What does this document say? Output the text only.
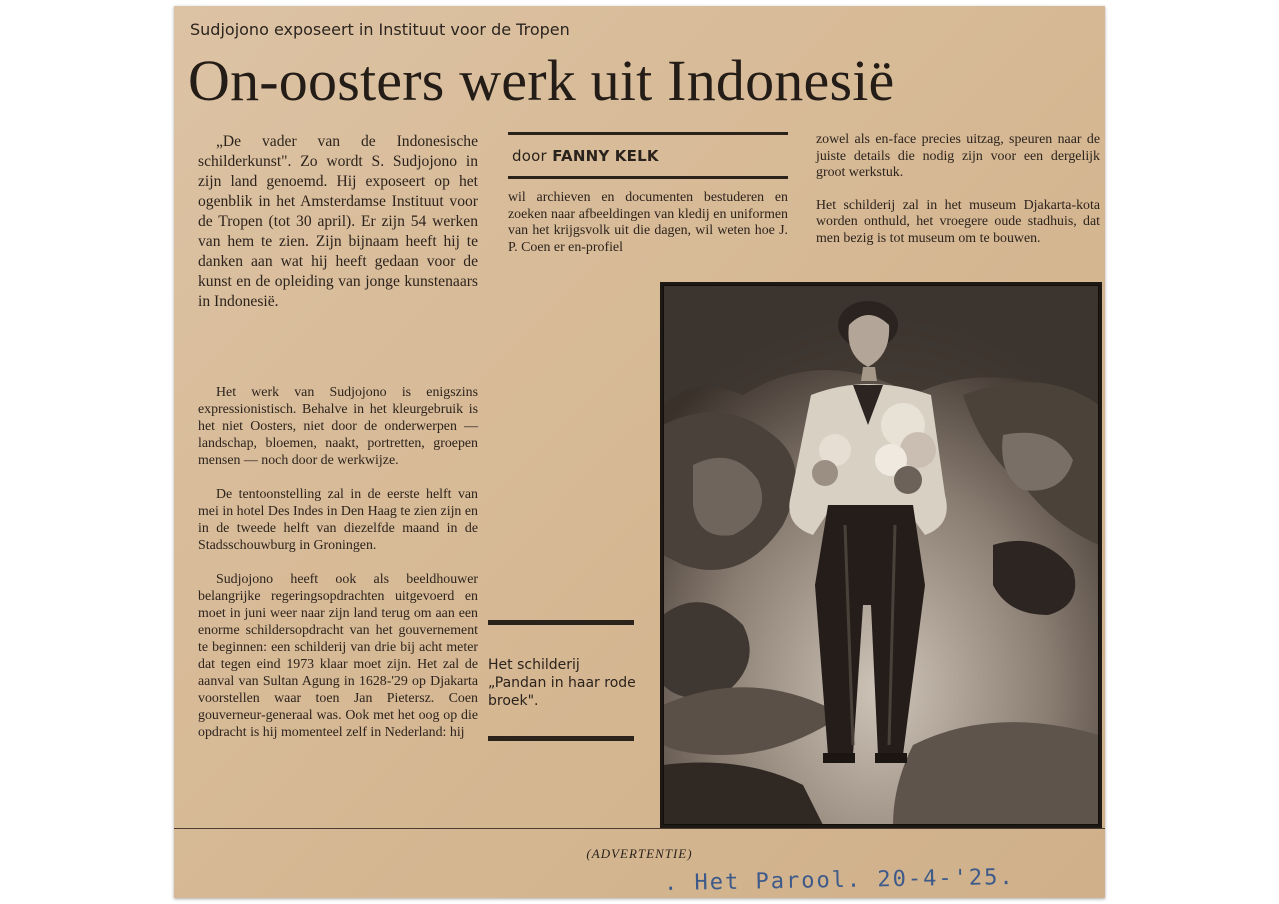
Sudjojono exposeert in Instituut voor de Tropen
On-oosters werk uit Indonesië

„De vader van de Indonesische schilderkunst". Zo wordt S. Sudjojono in zijn land genoemd. Hij exposeert op het ogenblik in het Amsterdamse Instituut voor de Tropen (tot 30 april). Er zijn 54 werken van hem te zien. Zijn bijnaam heeft hij te danken aan wat hij heeft gedaan voor de kunst en de opleiding van jonge kunstenaars in Indonesië.

Het werk van Sudjojono is enigszins expressionistisch. Behalve in het kleurgebruik is het niet Oosters, niet door de onderwerpen — landschap, bloemen, naakt, portretten, groepen mensen — noch door de werkwijze.

De tentoonstelling zal in de eerste helft van mei in hotel Des Indes in Den Haag te zien zijn en in de tweede helft van diezelfde maand in de Stadsschouwburg in Groningen.

Sudjojono heeft ook als beeldhouwer belangrijke regeringsopdrachten uitgevoerd en moet in juni weer naar zijn land terug om aan een enorme schildersopdracht van het gouvernement te beginnen: een schilderij van drie bij acht meter dat tegen eind 1973 klaar moet zijn. Het zal de aanval van Sultan Agung in 1628-'29 op Djakarta voorstellen waar toen Jan Pietersz. Coen gouverneur-generaal was. Ook met het oog op die opdracht is hij momenteel zelf in Nederland: hij

door FANNY KELK

wil archieven en documenten bestuderen en zoeken naar afbeeldingen van kledij en uniformen van het krijgsvolk uit die dagen, wil weten hoe J. P. Coen er en-profiel

zowel als en-face precies uitzag, speuren naar de juiste details die nodig zijn voor een dergelijk groot werkstuk.

Het schilderij zal in het museum Djakarta-kota worden onthuld, het vroegere oude stadhuis, dat men bezig is tot museum om te bouwen.

Het schilderij
„Pandan in haar rode broek".
(ADVERTENTIE)
. Het Parool. 20-4-'25.
